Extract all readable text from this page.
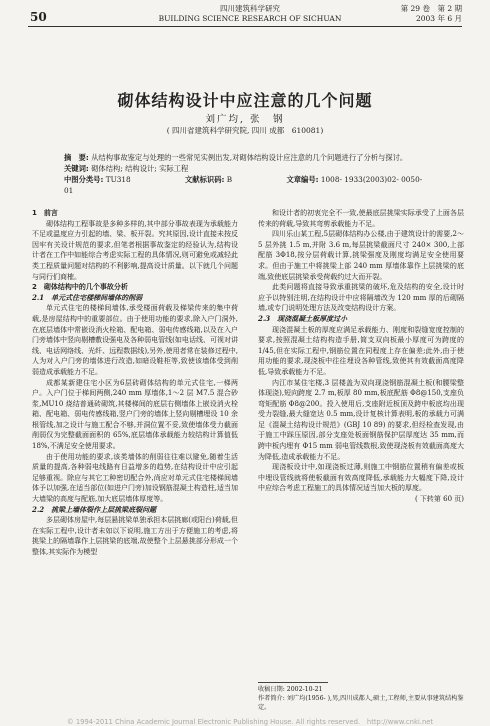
50
四川建筑科学研究
BUILDING SCIENCE RESEARCH OF SICHUAN
第 29 卷　第 2 期
2003 年 6 月
砌体结构设计中应注意的几个问题
刘广均, 张　钢
( 四川省建筑科学研究院, 四川 成都　610081)
摘　要: 从结构事故鉴定与处理的一些常见实例出发,对砌体结构设计应注意的几个问题进行了分析与探讨。
关键词: 砌体结构; 结构设计; 实际工程
中图分类号: TU318	文献标识码: B	文章编号: 1008- 1933(2003)02- 0050- 01

1　前言

砌体结构工程事故是多种多样的,其中部分事故表现为承载能力不足或温度应力引起的墙、梁、板开裂。究其原因,设计直接未按反因牢有关设计规范的要求,但笔者根据事故鉴定的经验认为,结构设计者在工作中如能综合考虑实际工程的具体情况,则可避免或减轻此类工程质量问题对结构的不利影响,提高设计质量。以下就几个问题与同行们商榷。

2　砌体结构中的几个事故分析

2.1　单元式住宅楼梯间墙体的削弱

单元式住宅的楼梯间墙体,承受楼面荷载及梯梁传来的集中荷载,是房屋结构中的重要部位。由于使用功能的要求,除入户门洞外,在底层墙体中常嵌设消火栓箱、配电箱、弱电传感线箱,以及在入户门旁墙体中竖向剔槽敷设强电及各种弱电管线(如电话线、可视对讲线、电话网络线、光纤、远程数据线),另外,使用者常在装修过程中,人为对入户门旁的墙体进行改造,如暗设鞋柜等,致使该墙体受到削弱造成承载能力不足。

成都某新建住宅小区为6层砖砌体结构的单元式住宅,一梯两户。入户门位于梯间两侧,240 mm 厚墙体,1～2 层 M7.5 混合砂浆,MU10 烧结普通砖砌筑,其楼梯间的底层右侧墙体上嵌设消火栓箱、配电箱、弱电传感线箱,竖户门旁的墙体上竖向剔槽埋设 10 余根管线,加之设计与施工配合不够,并洞位置不妥,致使墙体受力截面削弱仅为完整截面面积的 65%,底层墙体承载能力较结构计算值低 18%,不满足安全使用要求。

由于使用功能的要求,该类墙体的削弱往往难以避免,随着生活质量的提高,各种弱电线路有日益增多的趋势,在结构设计中应引起足够重视。除应与其它工种密切配合外,尚应对单元式住宅楼梯间墙体予以加强,在适当部位(如进户门旁)加设钢筋混凝土构造柱,适当加大墙梁的高度与配筋,加大底层墙体厚度等。

2.2　挑梁上墙体裂作上层挑梁底裂问题

多层砌体房屋中,每层悬挑梁单独承担本层挑廊(或阳台)荷载,但在实际工程中,设计者未如以下说明,施工方出于方便施工的考虑,将挑梁上的隔墙靠作上层挑梁的底端,故使整个上层悬挑部分形成一个整体,其实际作为模型

和设计者的初衷完全不一致,使最底层挑梁实际承受了上面各层传来的荷载,导致其弯剪承载能力不足。

四川乐山某工程,5层砌体结构办公楼,由于建筑设计的需要,2～5 层外挑 1.5 m,并附 3.6 m,每层挑梁截面尺寸 240× 300,上部配筋 3Φ18,按分层荷载计算,挑梁强度及刚度均满足安全使用要求。但由于施工中将挑梁上部 240 mm 厚墙体靠作上层挑梁的底端,致使底层挑梁承受荷载约过大而开裂。

此类问题将直接导致承重挑梁的破坏,危及结构的安全,设计时应予以特别注明,在结构设计中应将隔墙改为 120 mm 厚的后砌隔墙,或专门说明处理方法及改变结构设计方案。

2.3　现浇混凝土板厚度过小

现浇混凝土板的厚度应满足承载能力、刚度和裂缝宽度控制的要求,按照混凝土结构构造手册,简支双向板最小厚度可为跨度的 1/45,但在实际工程中,钢筋位置在同程度上存在偏差;此外,由于使用功能的要求,现浇板中往往埋设各种管线,致使其有效截面高度降低,导致承载能力不足。

内江市某住宅楼,3 层楼盖为双向现浇钢筋混凝土板(和腰梁整体现浇),短向跨度 2.7 m,板厚 80 mm,板底配筋 Φ8@150,支座负弯矩配筋 Φ8@200。投入使用后,支座附近板顶及跨中板底均出现受力裂缝,最大缝宽达 0.5 mm,设计复核计算表明,板的承载力可满足《混凝土结构设计规范》(GBJ 10 89) 的要求,但经检查发现,由于施工中踩压原因,部分支座处板面钢筋保护层厚度达 35 mm,而跨中板内埋有 Φ15 mm 弱电管线数根,致使现浇板有效截面高度大为降低,造成承载能力不足。

现浇板设计中,如现浇板过薄,则施工中钢筋位置稍有偏差或板中埋设管线就将使板截面有效高度降低,承载能力大幅度下降,设计中应综合考虑工程施工的具体情况适当加大板的厚度。

( 下转第 60 页)

收稿日期: 2002-10-21
作者简介: 刘广均(1956- ),男,四川成都人,硕士,工程师,主要从事建筑结构鉴定。
© 1994-2011 China Academic Journal Electronic Publishing House. All rights reserved.　http://www.cnki.net
